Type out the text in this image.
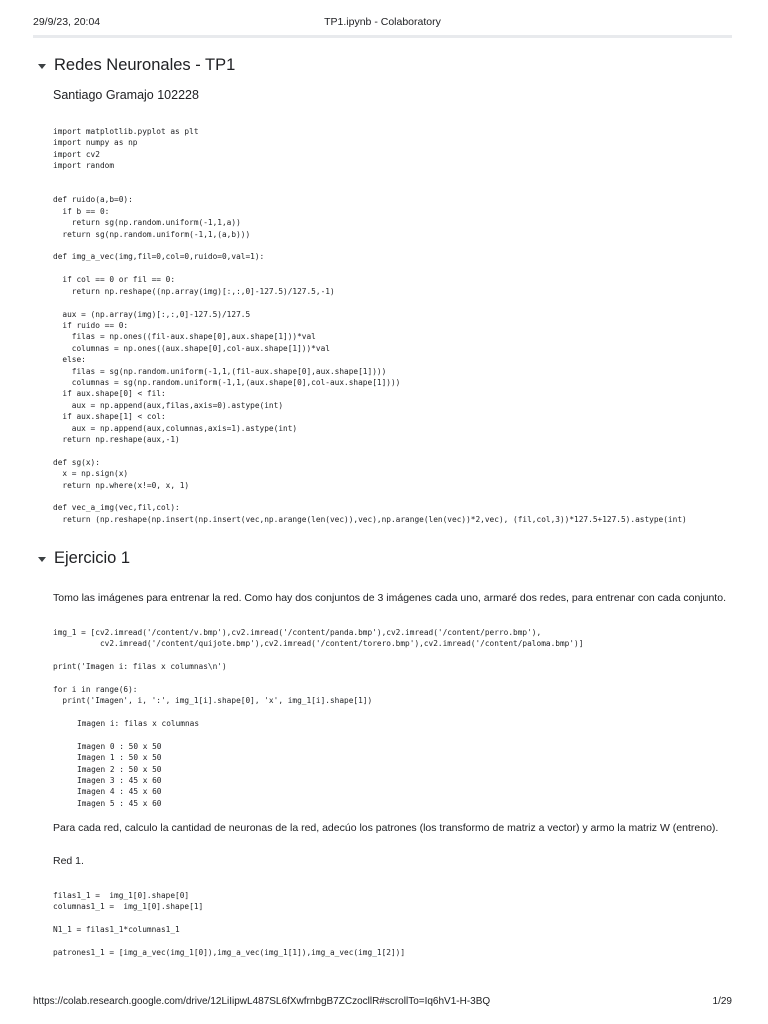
29/9/23, 20:04	TP1.ipynb - Colaboratory
Redes Neuronales - TP1
Santiago Gramajo 102228
import matplotlib.pyplot as plt
import numpy as np
import cv2
import random

def ruido(a,b=0):
if b == 0:
return sg(np.random.uniform(-1,1,a))
return sg(np.random.uniform(-1,1,(a,b)))

def img_a_vec(img,fil=0,col=0,ruido=0,val=1):

if col == 0 or fil == 0:
return np.reshape((np.array(img)[:,:,0]-127.5)/127.5,-1)

aux = (np.array(img)[:,:,0]-127.5)/127.5
if ruido == 0:
filas = np.ones((fil-aux.shape[0],aux.shape[1]))*val
columnas = np.ones((aux.shape[0],col-aux.shape[1]))*val
else:
filas = sg(np.random.uniform(-1,1,(fil-aux.shape[0],aux.shape[1])))
columnas = sg(np.random.uniform(-1,1,(aux.shape[0],col-aux.shape[1])))
if aux.shape[0] < fil:
aux = np.append(aux,filas,axis=0).astype(int)
if aux.shape[1] < col:
aux = np.append(aux,columnas,axis=1).astype(int)
return np.reshape(aux,-1)

def sg(x):
x = np.sign(x)
return np.where(x!=0, x, 1)

def vec_a_img(vec,fil,col):
return (np.reshape(np.insert(np.insert(vec,np.arange(len(vec)),vec),np.arange(len(vec))*2,vec), (fil,col,3))*127.5+127.5).astype(int)
Ejercicio 1
Tomo las imágenes para entrenar la red. Como hay dos conjuntos de 3 imágenes cada uno, armaré dos redes, para entrenar con cada conjunto.
img_1 = [cv2.imread('/content/v.bmp'),cv2.imread('/content/panda.bmp'),cv2.imread('/content/perro.bmp'),
cv2.imread('/content/quijote.bmp'),cv2.imread('/content/torero.bmp'),cv2.imread('/content/paloma.bmp')]

print('Imagen i: filas x columnas\n')

for i in range(6):
print('Imagen', i, ':', img_1[i].shape[0], 'x', img_1[i].shape[1])
Imagen i: filas x columnas

Imagen 0 : 50 x 50
Imagen 1 : 50 x 50
Imagen 2 : 50 x 50
Imagen 3 : 45 x 60
Imagen 4 : 45 x 60
Imagen 5 : 45 x 60
Para cada red, calculo la cantidad de neuronas de la red, adecúo los patrones (los transformo de matriz a vector) y armo la matriz W (entreno).
Red 1.
filas1_1 =  img_1[0].shape[0]
columnas1_1 =  img_1[0].shape[1]

N1_1 = filas1_1*columnas1_1

patrones1_1 = [img_a_vec(img_1[0]),img_a_vec(img_1[1]),img_a_vec(img_1[2])]
https://colab.research.google.com/drive/12LiIipwL487SL6fXwfrnbgB7ZCzocllR#scrollTo=Iq6hV1-H-3BQ	1/29
